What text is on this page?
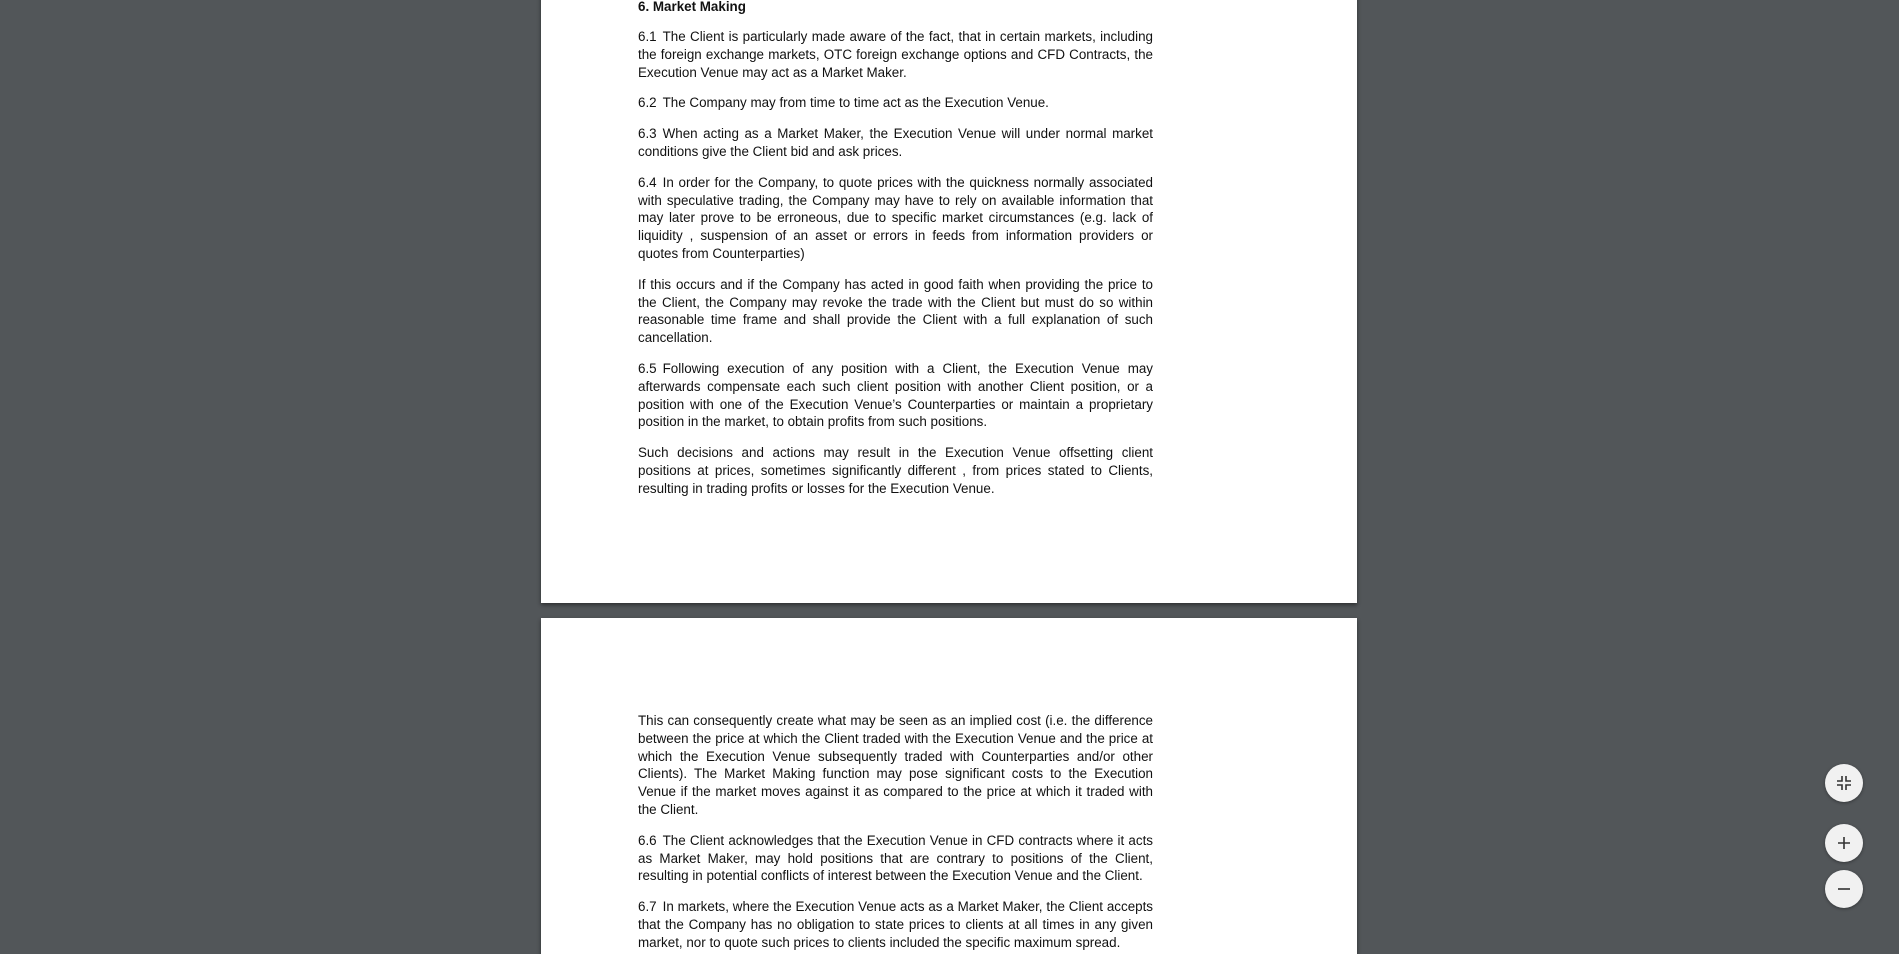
6. Market Making

6.1 The Client is particularly made aware of the fact, that in certain markets, including the foreign exchange markets, OTC foreign exchange options and CFD Contracts, the Execution Venue may act as a Market Maker.

6.2 The Company may from time to time act as the Execution Venue.

6.3 When acting as a Market Maker, the Execution Venue will under normal market conditions give the Client bid and ask prices.

6.4 In order for the Company, to quote prices with the quickness normally associated with speculative trading, the Company may have to rely on available information that may later prove to be erroneous, due to specific market circumstances (e.g. lack of liquidity , suspension of an asset or errors in feeds from information providers or quotes from Counterparties)

If this occurs and if the Company has acted in good faith when providing the price to the Client, the Company may revoke the trade with the Client but must do so within reasonable time frame and shall provide the Client with a full explanation of such cancellation.

6.5 Following execution of any position with a Client, the Execution Venue may afterwards compensate each such client position with another Client position, or a position with one of the Execution Venue’s Counterparties or maintain a proprietary position in the market, to obtain profits from such positions.

Such decisions and actions may result in the Execution Venue offsetting client positions at prices, sometimes significantly different , from prices stated to Clients, resulting in trading profits or losses for the Execution Venue.

This can consequently create what may be seen as an implied cost (i.e. the difference between the price at which the Client traded with the Execution Venue and the price at which the Execution Venue subsequently traded with Counterparties and/or other Clients). The Market Making function may pose significant costs to the Execution Venue if the market moves against it as compared to the price at which it traded with the Client.

6.6 The Client acknowledges that the Execution Venue in CFD contracts where it acts as Market Maker, may hold positions that are contrary to positions of the Client, resulting in potential conflicts of interest between the Execution Venue and the Client.

6.7 In markets, where the Execution Venue acts as a Market Maker, the Client accepts that the Company has no obligation to state prices to clients at all times in any given market, nor to quote such prices to clients included the specific maximum spread.
